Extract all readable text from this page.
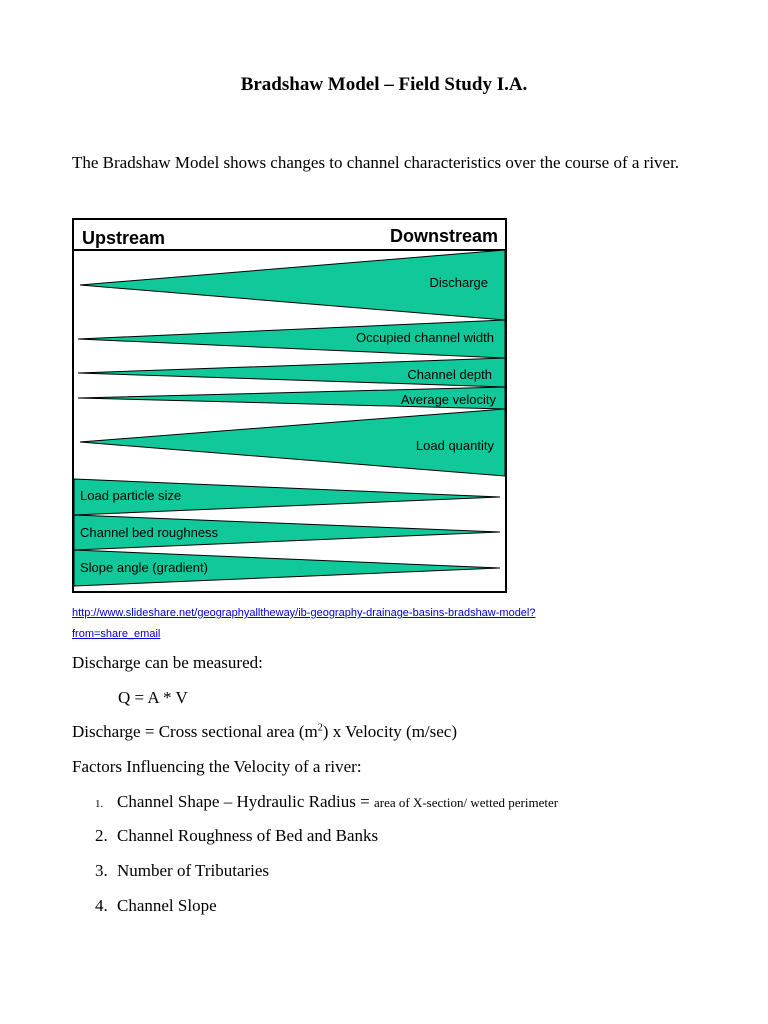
Bradshaw Model – Field Study I.A.
The Bradshaw Model shows changes to channel characteristics over the course of a river.
Upstream	Downstream
Discharge
Occupied channel width
Channel depth
Average velocity
Load quantity
Load particle size
Channel bed roughness
Slope angle (gradient)
http://www.slideshare.net/geographyalltheway/ib-geography-drainage-basins-bradshaw-model?
from=share_email
Discharge can be measured:
Q = A * V
Discharge = Cross sectional area $(m^2)$ x Velocity (m/sec)
Factors Influencing the Velocity of a river:
1. Channel Shape – Hydraulic Radius = area of X-section/ wetted perimeter
2. Channel Roughness of Bed and Banks
3. Number of Tributaries
4. Channel Slope
